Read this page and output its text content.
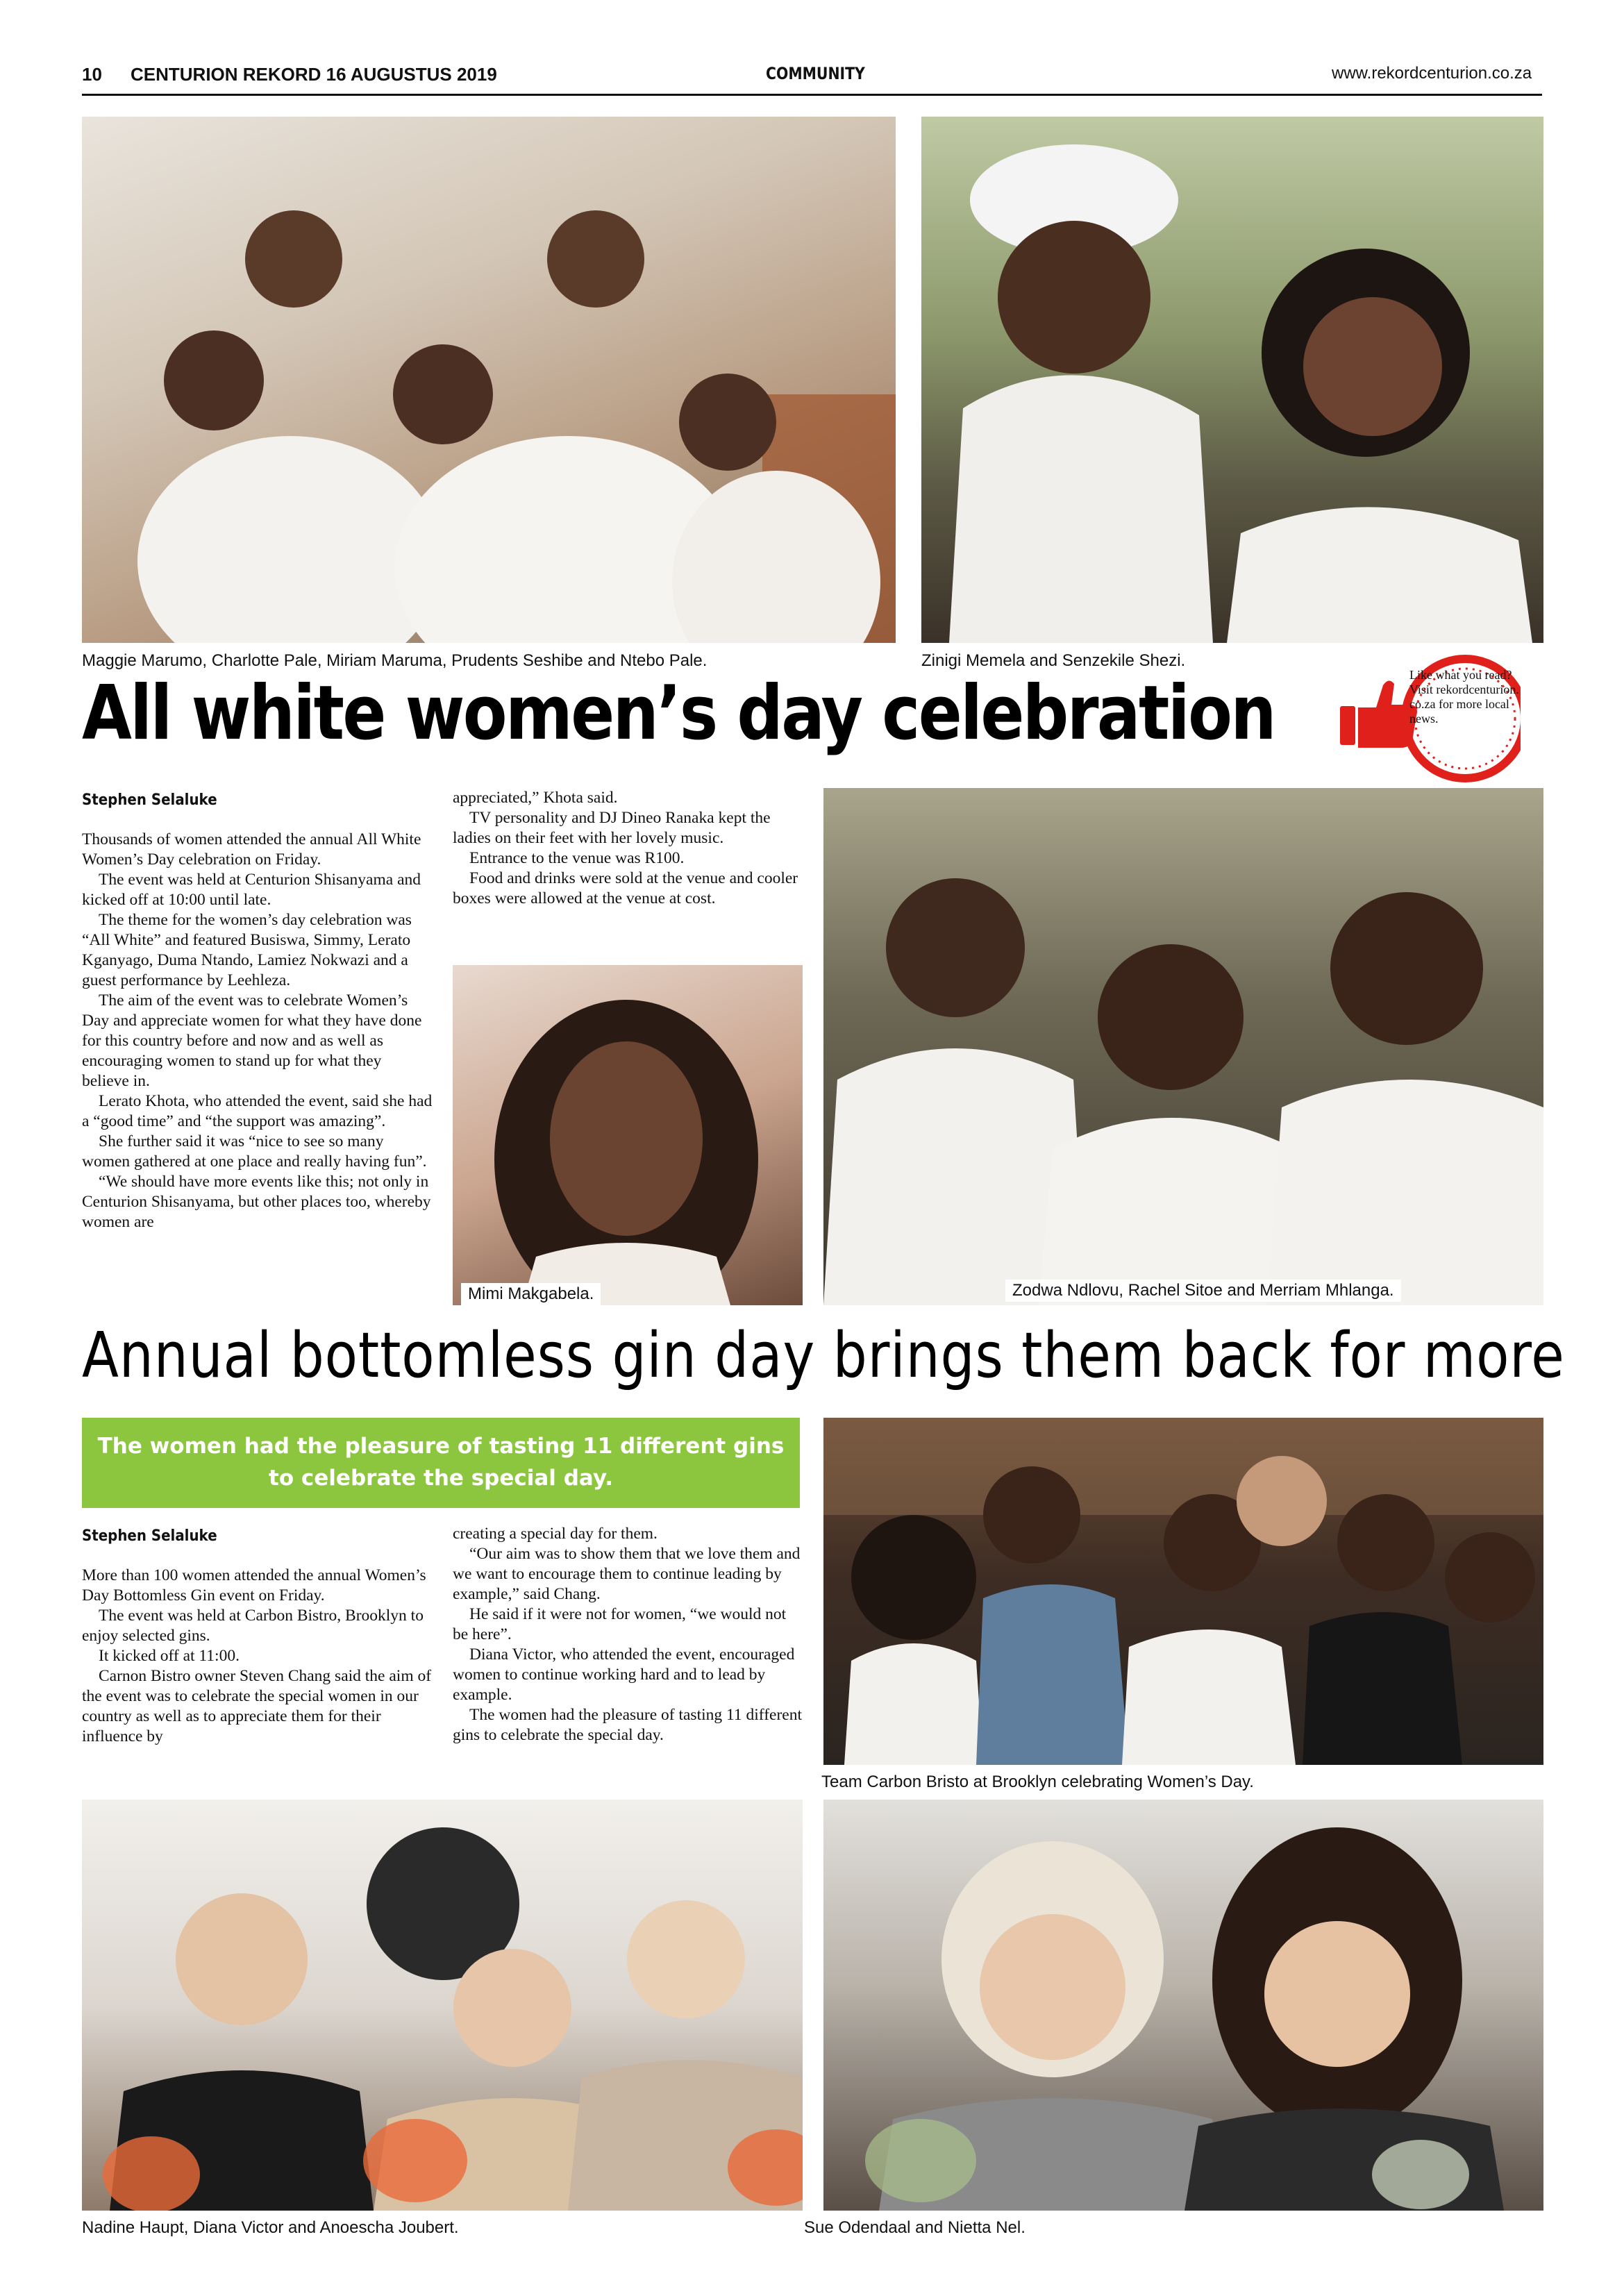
10 CENTURION REKORD 16 AUGUSTUS 2019	COMMUNITY	www.rekordcenturion.co.za
Maggie Marumo, Charlotte Pale, Miriam Maruma, Prudents Seshibe and Ntebo Pale.	Zinigi Memela and Senzekile Shezi.
Like what you read? Visit rekordcenturion. co.za for more local news.
All white women’s day celebration
Stephen Selaluke

Thousands of women attended the annual All White Women’s Day celebration on Friday.

The event was held at Centurion Shisanyama and kicked off at 10:00 until late.

The theme for the women’s day celebration was “All White” and featured Busiswa, Simmy, Lerato Kganyago, Duma Ntando, Lamiez Nokwazi and a guest performance by Leehleza.

The aim of the event was to celebrate Women’s Day and appreciate women for what they have done for this country before and now and as well as encouraging women to stand up for what they believe in.

Lerato Khota, who attended the event, said she had a “good time” and “the support was amazing”.

She further said it was “nice to see so many women gathered at one place and really having fun”.

“We should have more events like this; not only in Centurion Shisanyama, but other places too, whereby women are

appreciated,” Khota said.

TV personality and DJ Dineo Ranaka kept the ladies on their feet with her lovely music.

Entrance to the venue was R100.

Food and drinks were sold at the venue and cooler boxes were allowed at the venue at cost.

Mimi Makgabela.	Zodwa Ndlovu, Rachel Sitoe and Merriam Mhlanga.
Annual bottomless gin day brings them back for more
The women had the pleasure of tasting 11 different gins to celebrate the special day.
Stephen Selaluke

More than 100 women attended the annual Women’s Day Bottomless Gin event on Friday.

The event was held at Carbon Bistro, Brooklyn to enjoy selected gins.

It kicked off at 11:00.

Carnon Bistro owner Steven Chang said the aim of the event was to celebrate the special women in our country as well as to appreciate them for their influence by

creating a special day for them.

“Our aim was to show them that we love them and we want to encourage them to continue leading by example,” said Chang.

He said if it were not for women, “we would not be here”.

Diana Victor, who attended the event, encouraged women to continue working hard and to lead by example.

The women had the pleasure of tasting 11 different gins to celebrate the special day.

Team Carbon Bristo at Brooklyn celebrating Women’s Day.
Nadine Haupt, Diana Victor and Anoescha Joubert.	Sue Odendaal and Nietta Nel.
